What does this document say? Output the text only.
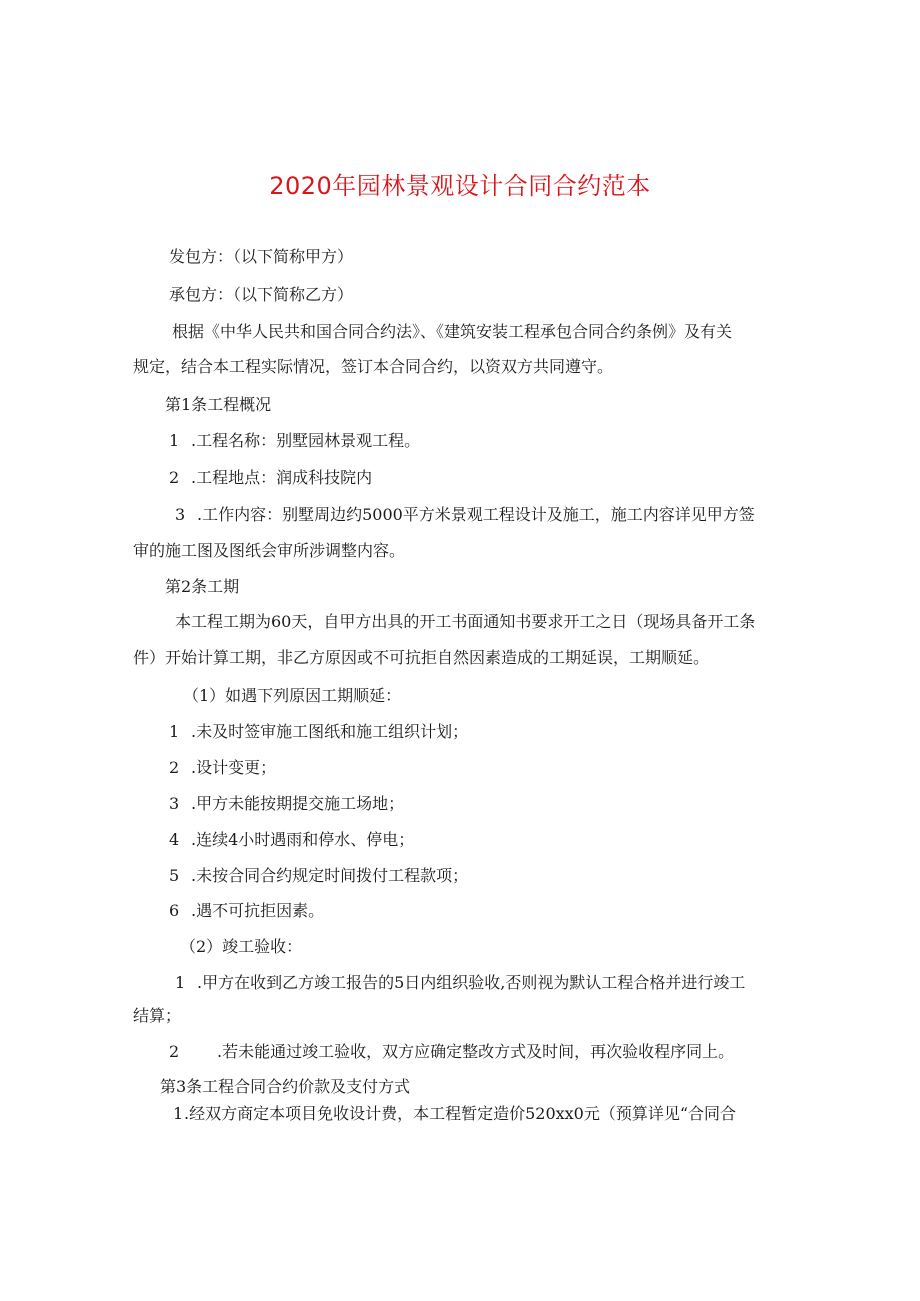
2020年园林景观设计合同合约范本
发包方：（以下简称甲方）
承包方：（以下简称乙方）
根据《中华人民共和国合同合约法》、《建筑安装工程承包合同合约条例》及有关
规定，结合本工程实际情况，签订本合同合约，以资双方共同遵守。
第1条工程概况
1 .工程名称：别墅园林景观工程。
2 .工程地点：润成科技院内
3 .工作内容：别墅周边约5000平方米景观工程设计及施工，施工内容详见甲方签
审的施工图及图纸会审所涉调整内容。
第2条工期
本工程工期为60天，自甲方出具的开工书面通知书要求开工之日（现场具备开工条
件）开始计算工期，非乙方原因或不可抗拒自然因素造成的工期延误，工期顺延。
（1）如遇下列原因工期顺延：
1 .未及时签审施工图纸和施工组织计划；
2 .设计变更；
3 .甲方未能按期提交施工场地；
4 .连续4小时遇雨和停水、停电；
5 .未按合同合约规定时间拨付工程款项；
6 .遇不可抗拒因素。
（2）竣工验收：
1 .甲方在收到乙方竣工报告的5日内组织验收,否则视为默认工程合格并进行竣工
结算；
2 .若未能通过竣工验收，双方应确定整改方式及时间，再次验收程序同上。
第3条工程合同合约价款及支付方式
1.经双方商定本项目免收设计费，本工程暂定造价520xx0元（预算详见“合同合
